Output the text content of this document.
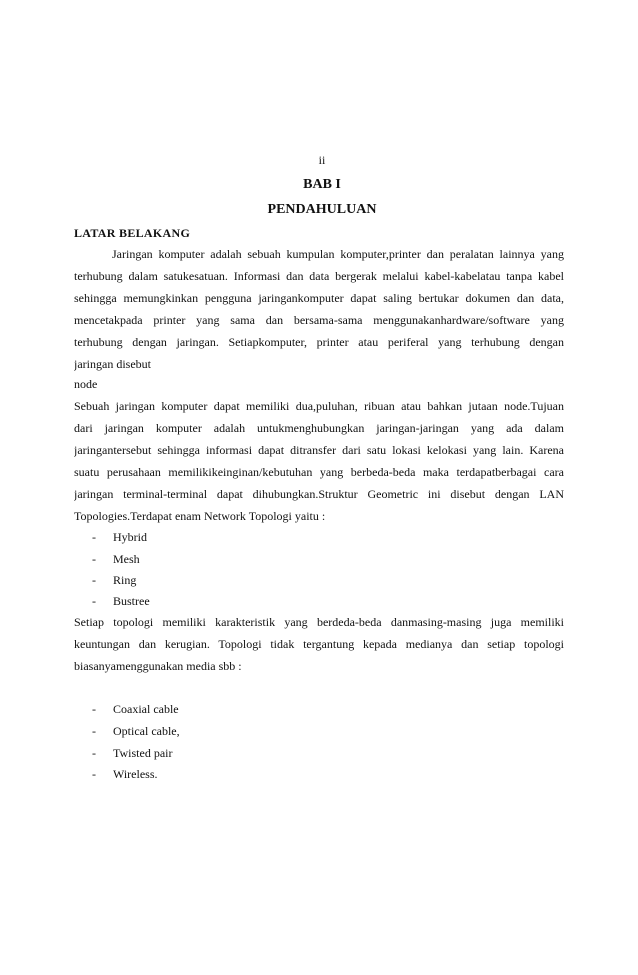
ii
BAB I
PENDAHULUAN
LATAR BELAKANG
Jaringan komputer adalah sebuah kumpulan komputer,printer dan peralatan lainnya yang
terhubung dalam satukesatuan. Informasi dan data bergerak melalui kabel-kabelatau tanpa kabel
sehingga memungkinkan pengguna jaringankomputer dapat saling bertukar dokumen dan data,
mencetakpada printer yang sama dan bersama-sama menggunakanhardware/software yang
terhubung dengan jaringan. Setiapkomputer, printer atau periferal yang terhubung dengan
jaringan disebut
node
Sebuah jaringan komputer dapat memiliki dua,puluhan, ribuan atau bahkan jutaan node.Tujuan
dari jaringan komputer adalah untukmenghubungkan jaringan-jaringan yang ada dalam
jaringantersebut sehingga informasi dapat ditransfer dari satu lokasi kelokasi yang lain. Karena
suatu perusahaan memilikikeinginan/kebutuhan yang berbeda-beda maka terdapatberbagai cara
jaringan terminal-terminal dapat dihubungkan.Struktur Geometric ini disebut dengan LAN
Topologies.Terdapat enam Network Topologi yaitu :
- Hybrid
- Mesh
- Ring
- Bustree
Setiap topologi memiliki karakteristik yang berdeda-beda danmasing-masing juga memiliki
keuntungan dan kerugian. Topologi tidak tergantung kepada medianya dan setiap topologi
biasanyamenggunakan media sbb :
- Coaxial cable
- Optical cable,
- Twisted pair
- Wireless.
